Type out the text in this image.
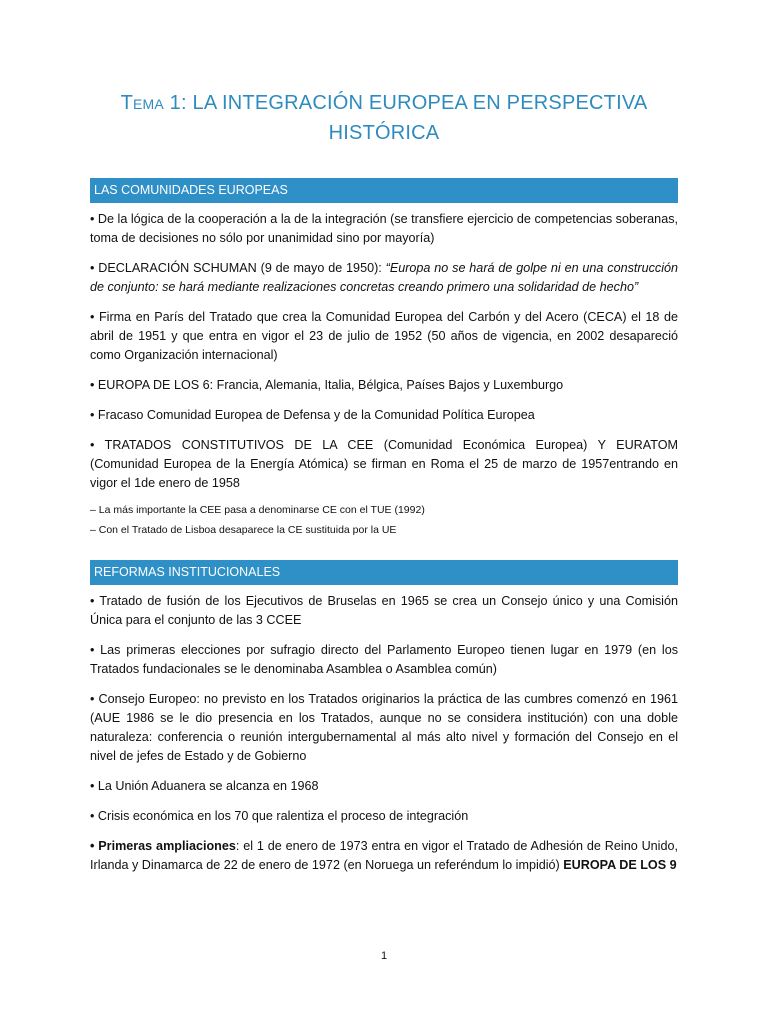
Tema 1: LA INTEGRACIÓN EUROPEA EN PERSPECTIVA
HISTÓRICA
LAS COMUNIDADES EUROPEAS

• De la lógica de la cooperación a la de la integración (se transfiere ejercicio de competencias soberanas, toma de decisiones no sólo por unanimidad sino por mayoría)

• DECLARACIÓN SCHUMAN (9 de mayo de 1950): “Europa no se hará de golpe ni en una construcción de conjunto: se hará mediante realizaciones concretas creando primero una solidaridad de hecho”

• Firma en París del Tratado que crea la Comunidad Europea del Carbón y del Acero (CECA) el 18 de abril de 1951 y que entra en vigor el 23 de julio de 1952 (50 años de vigencia, en 2002 desapareció como Organización internacional)

• EUROPA DE LOS 6: Francia, Alemania, Italia, Bélgica, Países Bajos y Luxemburgo

• Fracaso Comunidad Europea de Defensa y de la Comunidad Política Europea

• TRATADOS CONSTITUTIVOS DE LA CEE (Comunidad Económica Europea) Y EURATOM (Comunidad Europea de la Energía Atómica) se firman en Roma el 25 de marzo de 1957entrando en vigor el 1de enero de 1958

– La más importante la CEE pasa a denominarse CE con el TUE (1992)

– Con el Tratado de Lisboa desaparece la CE sustituida por la UE

REFORMAS INSTITUCIONALES

• Tratado de fusión de los Ejecutivos de Bruselas en 1965 se crea un Consejo único y una Comisión Única para el conjunto de las 3 CCEE

• Las primeras elecciones por sufragio directo del Parlamento Europeo tienen lugar en 1979 (en los Tratados fundacionales se le denominaba Asamblea o Asamblea común)

• Consejo Europeo: no previsto en los Tratados originarios la práctica de las cumbres comenzó en 1961 (AUE 1986 se le dio presencia en los Tratados, aunque no se considera institución) con una doble naturaleza: conferencia o reunión intergubernamental al más alto nivel y formación del Consejo en el nivel de jefes de Estado y de Gobierno

• La Unión Aduanera se alcanza en 1968

• Crisis económica en los 70 que ralentiza el proceso de integración

• Primeras ampliaciones: el 1 de enero de 1973 entra en vigor el Tratado de Adhesión de Reino Unido, Irlanda y Dinamarca de 22 de enero de 1972 (en Noruega un referéndum lo impidió) EUROPA DE LOS 9

1
